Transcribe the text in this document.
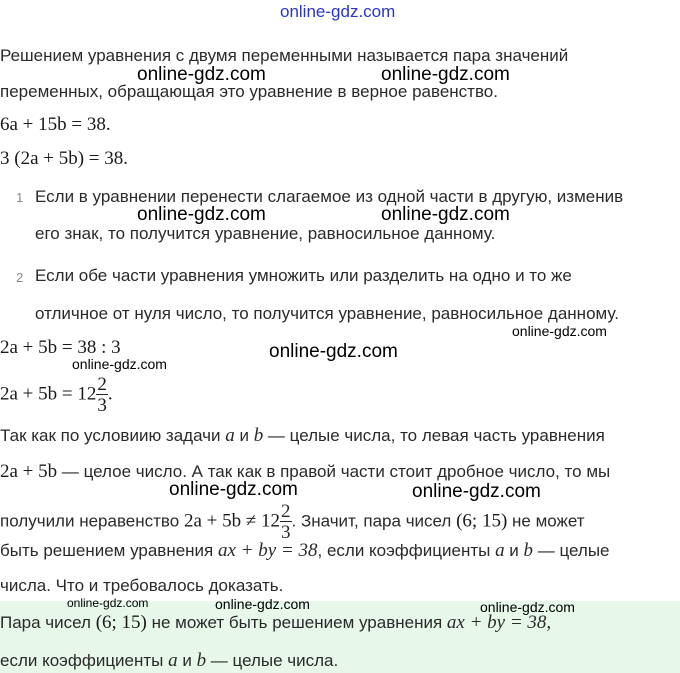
online-gdz.com
Решением уравнения с двумя переменными называется пара значений
переменных, обращающая это уравнение в верное равенство.
6a + 15b = 38.
3 (2a + 5b) = 38.
1 Если в уравнении перенести слагаемое из одной части в другую, изменив
его знак, то получится уравнение, равносильное данному.
2 Если обе части уравнения умножить или разделить на одно и то же
отличное от нуля число, то получится уравнение, равносильное данному.
2a + 5b = 38 : 3
$2a + 5b = 12 \frac{2}{3}$ .
Так как по условиию задачи a и b — целые числа, то левая часть уравнения
2a + 5b — целое число. А так как в правой части стоит дробное число, то мы
получили неравенство $2a + 5b \ne 12 \frac{2}{3}$ . Значит, пара чисел (6; 15) не может
быть решением уравнения ax + by = 38, если коэффициенты a и b — целые
числа. Что и требовалось доказать.
Пара чисел (6; 15) не может быть решением уравнения ax + by = 38,
если коэффициенты a и b — целые числа.
online-gdz.com	online-gdz.com
online-gdz.com	online-gdz.com
online-gdz.com
online-gdz.com
online-gdz.com
online-gdz.com	online-gdz.com
online-gdz.com	online-gdz.com	online-gdz.com
